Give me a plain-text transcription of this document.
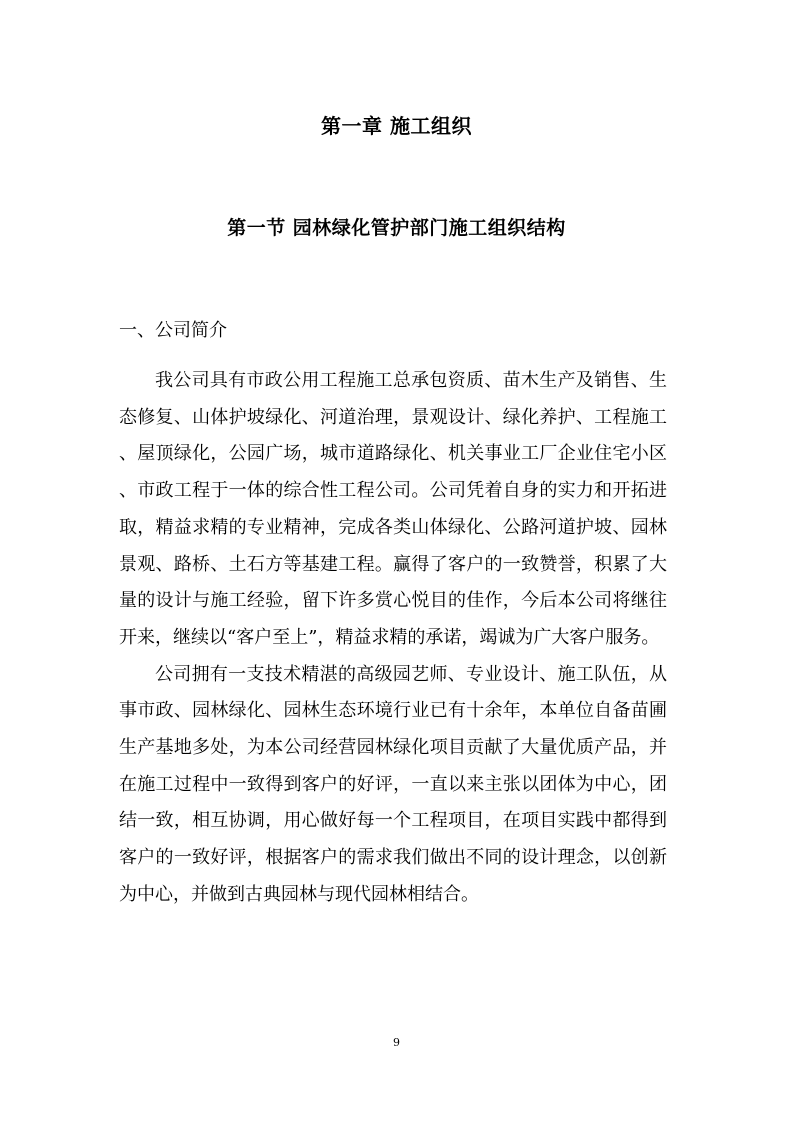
第一章 施工组织
第一节 园林绿化管护部门施工组织结构
一、公司简介

我公司具有市政公用工程施工总承包资质、苗木生产及销售、生态修复、山体护坡绿化、河道治理，景观设计、绿化养护、工程施工、屋顶绿化，公园广场，城市道路绿化、机关事业工厂企业住宅小区、市政工程于一体的综合性工程公司。公司凭着自身的实力和开拓进取，精益求精的专业精神，完成各类山体绿化、公路河道护坡、园林景观、路桥、土石方等基建工程。赢得了客户的一致赞誉，积累了大量的设计与施工经验，留下许多赏心悦目的佳作，今后本公司将继往开来，继续以“客户至上”，精益求精的承诺，竭诚为广大客户服务。

公司拥有一支技术精湛的高级园艺师、专业设计、施工队伍，从事市政、园林绿化、园林生态环境行业已有十余年，本单位自备苗圃生产基地多处，为本公司经营园林绿化项目贡献了大量优质产品，并在施工过程中一致得到客户的好评，一直以来主张以团体为中心，团结一致，相互协调，用心做好每一个工程项目，在项目实践中都得到客户的一致好评，根据客户的需求我们做出不同的设计理念，以创新为中心，并做到古典园林与现代园林相结合。

9
